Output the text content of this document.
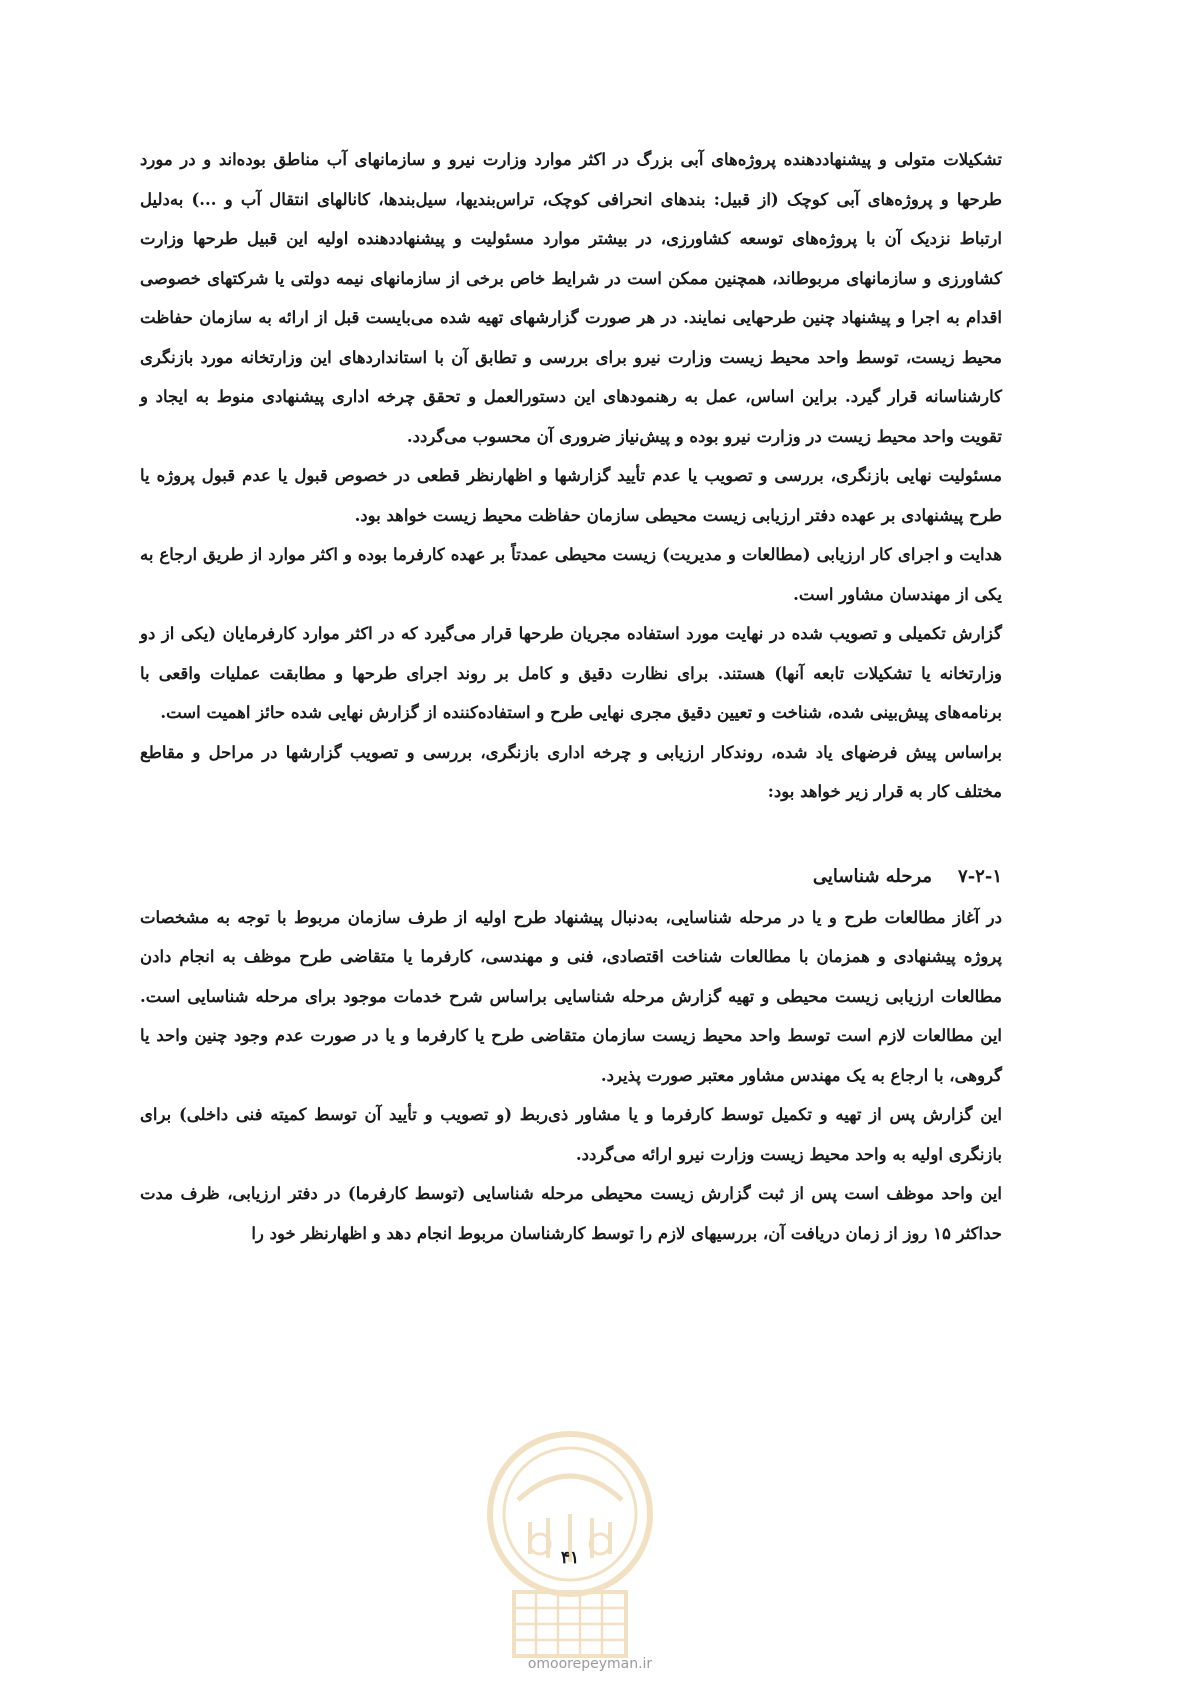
تشکیلات متولی و پیشنهاددهنده پروژه‌های آبی بزرگ در اکثر موارد وزارت نیرو و سازمانهای آب مناطق بوده‌اند و در مورد طرحها و پروژه‌های آبی کوچک (از قبیل: بندهای انحرافی کوچک، تراس‌بندیها، سیل‌بندها، کانالهای انتقال آب و ...) به‌دلیل ارتباط نزدیک آن با پروژه‌های توسعه کشاورزی، در بیشتر موارد مسئولیت و پیشنهاددهنده اولیه این قبیل طرحها وزارت کشاورزی و سازمانهای مربوطاند، همچنین ممکن است در شرایط خاص برخی از سازمانهای نیمه دولتی یا شرکتهای خصوصی اقدام به اجرا و پیشنهاد چنین طرحهایی نمایند. در هر صورت گزارشهای تهیه شده می‌بایست قبل از ارائه به سازمان حفاظت محیط زیست، توسط واحد محیط زیست وزارت نیرو برای بررسی و تطابق آن با استانداردهای این وزارتخانه مورد بازنگری کارشناسانه قرار گیرد. براین اساس، عمل به رهنمودهای این دستورالعمل و تحقق چرخه اداری پیشنهادی منوط به ایجاد و تقویت واحد محیط زیست در وزارت نیرو بوده و پیش‌نیاز ضروری آن محسوب می‌گردد.

مسئولیت نهایی بازنگری، بررسی و تصویب یا عدم تأیید گزارشها و اظهارنظر قطعی در خصوص قبول یا عدم قبول پروژه یا طرح پیشنهادی بر عهده دفتر ارزیابی زیست محیطی سازمان حفاظت محیط زیست خواهد بود.

هدایت و اجرای کار ارزیابی (مطالعات و مدیریت) زیست محیطی عمدتاً بر عهده کارفرما بوده و اکثر موارد از طریق ارجاع به یکی از مهندسان مشاور است.

گزارش تکمیلی و تصویب شده در نهایت مورد استفاده مجریان طرحها قرار می‌گیرد که در اکثر موارد کارفرمایان (یکی از دو وزارتخانه یا تشکیلات تابعه آنها) هستند. برای نظارت دقیق و کامل بر روند اجرای طرحها و مطابقت عملیات واقعی با برنامه‌های پیش‌بینی شده، شناخت و تعیین دقیق مجری نهایی طرح و استفاده‌کننده از گزارش نهایی شده حائز اهمیت است.

براساس پیش فرضهای یاد شده، روندکار ارزیابی و چرخه اداری بازنگری، بررسی و تصویب گزارشها در مراحل و مقاطع مختلف کار به قرار زیر خواهد بود:

۷-۲-۱
مرحله شناسایی

در آغاز مطالعات طرح و یا در مرحله شناسایی، به‌دنبال پیشنهاد طرح اولیه از طرف سازمان مربوط با توجه به مشخصات پروژه پیشنهادی و همزمان با مطالعات شناخت اقتصادی، فنی و مهندسی، کارفرما یا متقاضی طرح موظف به انجام دادن مطالعات ارزیابی زیست محیطی و تهیه گزارش مرحله شناسایی براساس شرح خدمات موجود برای مرحله شناسایی است. این مطالعات لازم است توسط واحد محیط زیست سازمان متقاضی طرح یا کارفرما و یا در صورت عدم وجود چنین واحد یا گروهی، با ارجاع به یک مهندس مشاور معتبر صورت پذیرد.

این گزارش پس از تهیه و تکمیل توسط کارفرما و یا مشاور ذی‌ربط (و تصویب و تأیید آن توسط کمیته فنی داخلی) برای بازنگری اولیه به واحد محیط زیست وزارت نیرو ارائه می‌گردد.

این واحد موظف است پس از ثبت گزارش زیست محیطی مرحله شناسایی (توسط کارفرما) در دفتر ارزیابی، ظرف مدت حداکثر ۱۵ روز از زمان دریافت آن، بررسیهای لازم را توسط کارشناسان مربوط انجام دهد و اظهارنظر خود را

۴۱
omoorepeyman.ir
